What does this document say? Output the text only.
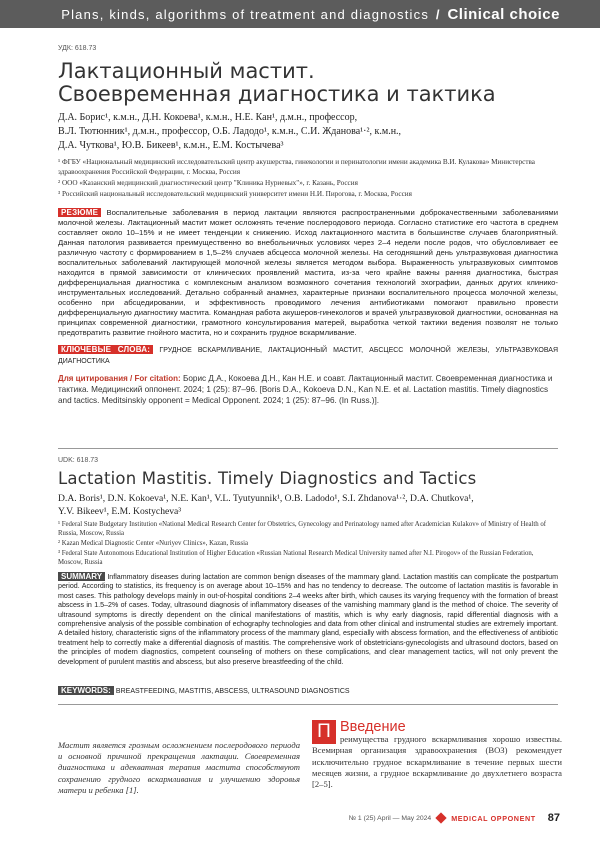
Plans, kinds, algorithms of treatment and diagnostics / Clinical choice
УДК: 618.73
Лактационный мастит.
Своевременная диагностика и тактика
Д.А. Борис¹, к.м.н., Д.Н. Кокоева¹, к.м.н., Н.Е. Кан¹, д.м.н., профессор,
В.Л. Тютюнник¹, д.м.н., профессор, О.Б. Ладодо¹, к.м.н., С.И. Жданова¹·², к.м.н.,
Д.А. Чуткова¹, Ю.В. Бикеев¹, к.м.н., Е.М. Костычева³

¹ ФГБУ «Национальный медицинский исследовательский центр акушерства, гинекологии и перинатологии имени академика В.И. Кулакова» Министерства здравоохранения Российской Федерации, г. Москва, Россия

² ООО «Казанский медицинский диагностический центр "Клиника Нуриевых"», г. Казань, Россия

³ Российский национальный исследовательский медицинский университет имени Н.И. Пирогова, г. Москва, Россия

РЕЗЮМЕ Воспалительные заболевания в период лактации являются распространенными доброкачественными заболеваниями молочной железы. Лактационный мастит может осложнять течение послеродового периода. Согласно статистике его частота в среднем составляет около 10–15% и не имеет тенденции к снижению. Исход лактационного мастита в большинстве случаев благоприятный. Данная патология развивается преимущественно во внебольничных условиях через 2–4 недели после родов, что обусловливает ее различную частоту с формированием в 1,5–2% случаев абсцесса молочной железы. На сегодняшний день ультразвуковая диагностика воспалительных заболеваний лактирующей молочной железы является методом выбора. Выраженность ультразвуковых симптомов находится в прямой зависимости от клинических проявлений мастита, из-за чего крайне важны ранняя диагностика, быстрая дифференциальная диагностика с комплексным анализом возможного сочетания технологий эхографии, данных других клинико-инструментальных исследований. Детально собранный анамнез, характерные признаки воспалительного процесса молочной железы, особенно при абсцедировании, и эффективность проводимого лечения антибиотиками помогают правильно провести дифференциальную диагностику мастита. Командная работа акушеров-гинекологов и врачей ультразвуковой диагностики, основанная на принципах современной диагностики, грамотного консультирования матерей, выработка четкой тактики ведения позволят не только предотвратить развитие гнойного мастита, но и сохранить грудное вскармливание.
КЛЮЧЕВЫЕ СЛОВА: ГРУДНОЕ ВСКАРМЛИВАНИЕ, ЛАКТАЦИОННЫЙ МАСТИТ, АБСЦЕСС МОЛОЧНОЙ ЖЕЛЕЗЫ, УЛЬТРАЗВУКОВАЯ ДИАГНОСТИКА
Для цитирования / For citation: Борис Д.А., Кокоева Д.Н., Кан Н.Е. и соавт. Лактационный мастит. Своевременная диагностика и тактика. Медицинский оппонент. 2024; 1 (25): 87–96. [Boris D.A., Kokoeva D.N., Kan N.E. et al. Lactation mastitis. Timely diagnostics and tactics. Meditsinskiy opponent = Medical Opponent. 2024; 1 (25): 87–96. (In Russ.)].
UDK: 618.73
Lactation Mastitis. Timely Diagnostics and Tactics
D.A. Boris¹, D.N. Kokoeva¹, N.E. Kan¹, V.L. Tyutyunnik¹, O.B. Ladodo¹, S.I. Zhdanova¹·², D.A. Chutkova¹,
Y.V. Bikeev¹, E.M. Kostycheva³

¹ Federal State Budgetary Institution «National Medical Research Center for Obstetrics, Gynecology and Perinatology named after Academician Kulakov» of Ministry of Health of Russia, Moscow, Russia

² Kazan Medical Diagnostic Center «Nuriyev Clinics», Kazan, Russia

³ Federal State Autonomous Educational Institution of Higher Education «Russian National Research Medical University named after N.I. Pirogov» of the Russian Federation, Moscow, Russia

SUMMARY Inflammatory diseases during lactation are common benign diseases of the mammary gland. Lactation mastitis can complicate the postpartum period. According to statistics, its frequency is on average about 10–15% and has no tendency to decrease. The outcome of lactation mastitis is favorable in most cases. This pathology develops mainly in out-of-hospital conditions 2–4 weeks after birth, which causes its varying frequency with the formation of breast abscess in 1.5–2% of cases. Today, ultrasound diagnosis of inflammatory diseases of the varnishing mammary gland is the method of choice. The severity of ultrasound symptoms is directly dependent on the clinical manifestations of mastitis, which is why early diagnosis, rapid differential diagnosis with a comprehensive analysis of the possible combination of echography technologies and data from other clinical and instrumental studies are extremely important. A detailed history, characteristic signs of the inflammatory process of the mammary gland, especially with abscess formation, and the effectiveness of antibiotic treatment help to correctly make a differential diagnosis of mastitis. The comprehensive work of obstetricians-gynecologists and ultrasound doctors, based on the principles of modern diagnostics, competent counseling of mothers on these complications, and clear management tactics, will not only prevent the development of purulent mastitis and abscess, but also preserve breastfeeding of the child.
KEYWORDS: BREASTFEEDING, MASTITIS, ABSCESS, ULTRASOUND DIAGNOSTICS
Мастит является грозным осложнением послеродового периода и основной причиной прекращения лактации. Своевременная диагностика и адекватная терапия мастита способствуют сохранению грудного вскармливания и улучшению здоровья матери и ребенка [1].
Введение
П	реимущества грудного вскармливания хорошо известны. Всемирная организация здравоохранения (ВОЗ) рекомендует исключительно грудное вскармливание в течение первых шести месяцев жизни, а грудное вскармливание до двухлетнего возраста [2–5].
№ 1 (25) April — May 2024	MEDICAL OPPONENT 87
